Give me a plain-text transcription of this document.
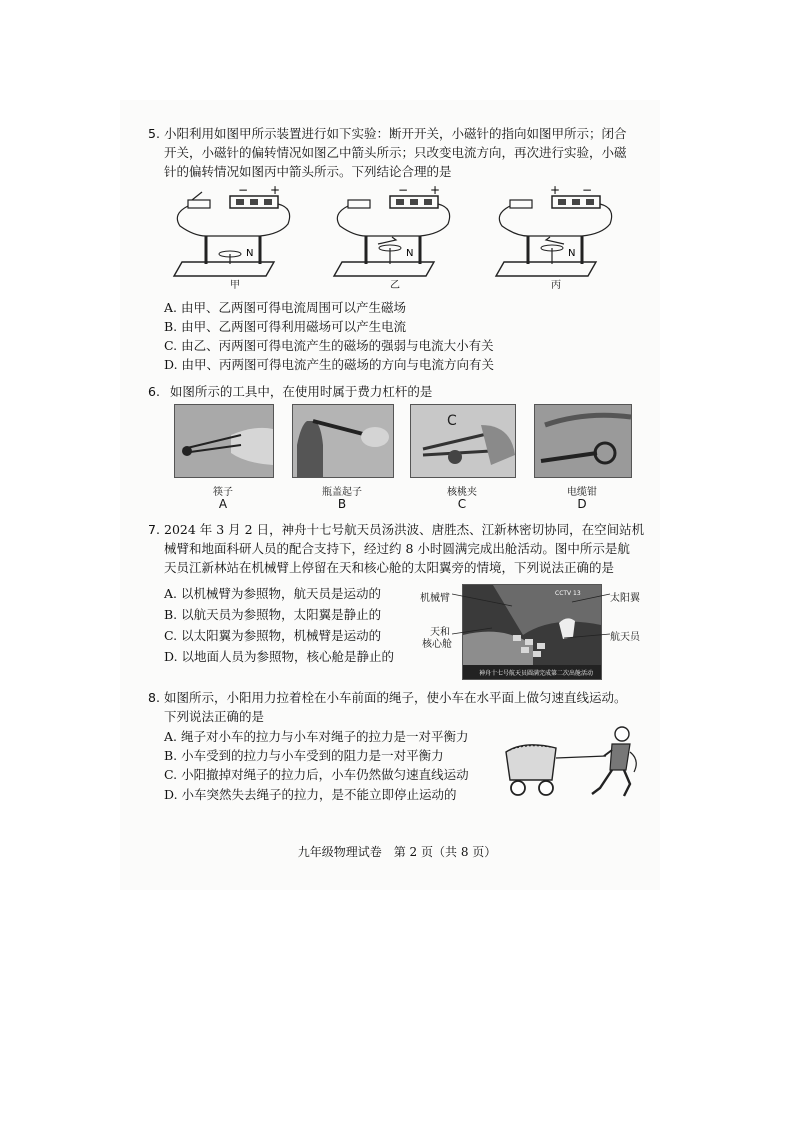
5. 小阳利用如图甲所示装置进行如下实验：断开开关，小磁针的指向如图甲所示；闭合
开关，小磁针的偏转情况如图乙中箭头所示；只改变电流方向，再次进行实验，小磁
针的偏转情况如图丙中箭头所示。下列结论合理的是
N
− +
N
− +
N
+ −
甲	乙	丙
A. 由甲、乙两图可得电流周围可以产生磁场
B. 由甲、乙两图可得利用磁场可以产生电流
C. 由乙、丙两图可得电流产生的磁场的强弱与电流大小有关
D. 由甲、丙两图可得电流产生的磁场的方向与电流方向有关
6. 如图所示的工具中，在使用时属于费力杠杆的是
C
筷子	瓶盖起子	核桃夹	电缆钳
A	B	C	D
7. 2024 年 3 月 2 日，神舟十七号航天员汤洪波、唐胜杰、江新林密切协同，在空间站机
械臂和地面科研人员的配合支持下，经过约 8 小时圆满完成出舱活动。图中所示是航
天员江新林站在机械臂上停留在天和核心舱的太阳翼旁的情境，下列说法正确的是
A. 以机械臂为参照物，航天员是运动的
B. 以航天员为参照物，太阳翼是静止的
C. 以太阳翼为参照物，机械臂是运动的
D. 以地面人员为参照物，核心舱是静止的
神舟十七号航天员圆满完成第二次出舱活动
CCTV 13
机械臂	太阳翼
天和
核心舱
航天员
8. 如图所示，小阳用力拉着栓在小车前面的绳子，使小车在水平面上做匀速直线运动。
下列说法正确的是
A. 绳子对小车的拉力与小车对绳子的拉力是一对平衡力
B. 小车受到的拉力与小车受到的阻力是一对平衡力
C. 小阳撤掉对绳子的拉力后，小车仍然做匀速直线运动
D. 小车突然失去绳子的拉力，是不能立即停止运动的
九年级物理试卷　第 2 页（共 8 页）
